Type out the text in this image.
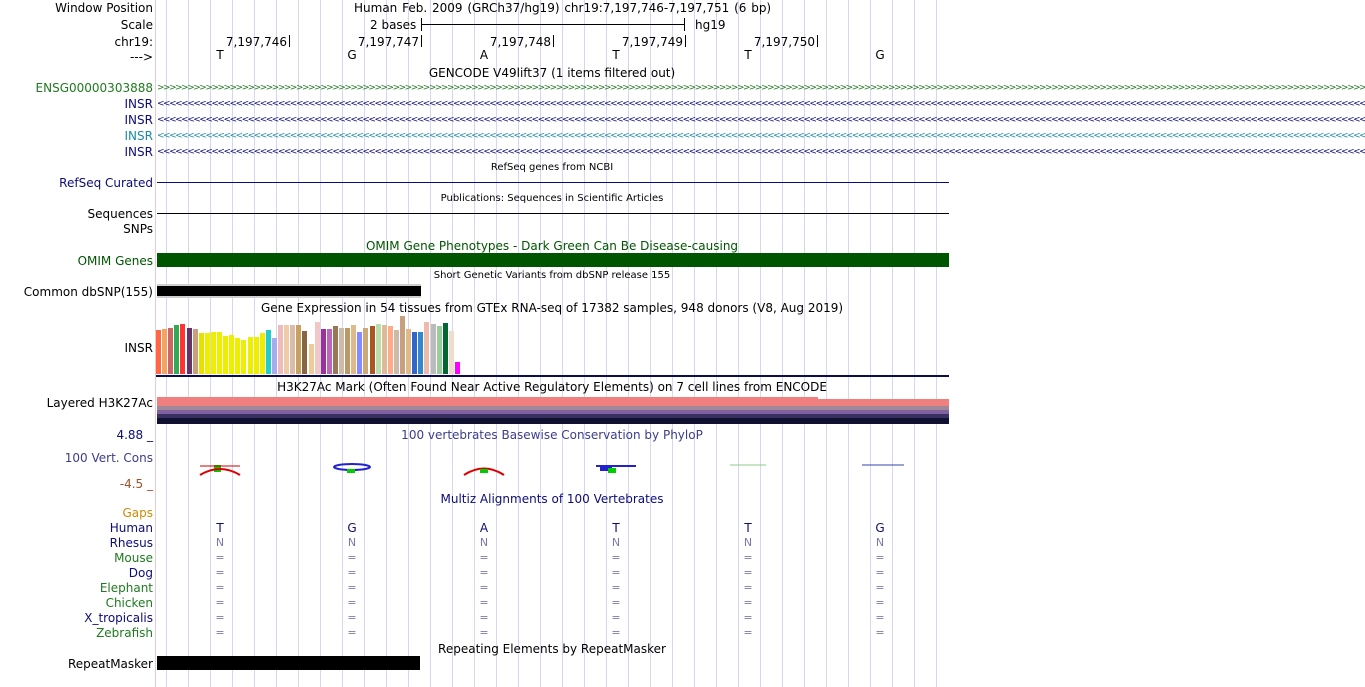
Window Position	Human Feb. 2009 (GRCh37/hg19) chr19:7,197,746-7,197,751 (6 bp)
Scale	2 bases	hg19
chr19:
--->
GENCODE V49lift37 (1 items filtered out)
RefSeq genes from NCBI
RefSeq Curated
Publications: Sequences in Scientific Articles
Sequences
SNPs
OMIM Gene Phenotypes - Dark Green Can Be Disease-causing
OMIM Genes
Short Genetic Variants from dbSNP release 155
Common dbSNP(155)
Gene Expression in 54 tissues from GTEx RNA-seq of 17382 samples, 948 donors (V8, Aug 2019)
INSR
H3K27Ac Mark (Often Found Near Active Regulatory Elements) on 7 cell lines from ENCODE
Layered H3K27Ac
4.88 _	100 vertebrates Basewise Conservation by PhyloP
100 Vert. Cons
-4.5 _
Multiz Alignments of 100 Vertebrates
Gaps
Repeating Elements by RepeatMasker
RepeatMasker
7,197,746	7,197,747	7,197,748	7,197,749	7,197,750
T	G	A	T	T	G
ENSG00000303888 >>>>>>>>>>>>>>>>>>>>>>>>>>>>>>>>>>>>>>>>>>>>>>>>>>>>>>>>>>>>>>>>>>>>>>>>>>>>>>>>>>>>>>>>>>>>>>>>>>>>>>>>>>>>>>>>>>>>>>>>>>>>>>>>>>>>>>>>>>>>>>>>>>>>>>>>>>>>>>>>>>>>>>>>>>>>>>>>>>>>>>>>>>>>>>>>>>>>>>>>
INSR <<<<<<<<<<<<<<<<<<<<<<<<<<<<<<<<<<<<<<<<<<<<<<<<<<<<<<<<<<<<<<<<<<<<<<<<<<<<<<<<<<<<<<<<<<<<<<<<<<<<<<<<<<<<<<<<<<<<<<<<<<<<<<<<<<<<<<<<<<<<<<<<<<<<<<<<<<<<<<<<<<<<<<<<<<<<<<<<<<<<<<<<<<<<<<<<<<<<<<<<
INSR <<<<<<<<<<<<<<<<<<<<<<<<<<<<<<<<<<<<<<<<<<<<<<<<<<<<<<<<<<<<<<<<<<<<<<<<<<<<<<<<<<<<<<<<<<<<<<<<<<<<<<<<<<<<<<<<<<<<<<<<<<<<<<<<<<<<<<<<<<<<<<<<<<<<<<<<<<<<<<<<<<<<<<<<<<<<<<<<<<<<<<<<<<<<<<<<<<<<<<<<
INSR <<<<<<<<<<<<<<<<<<<<<<<<<<<<<<<<<<<<<<<<<<<<<<<<<<<<<<<<<<<<<<<<<<<<<<<<<<<<<<<<<<<<<<<<<<<<<<<<<<<<<<<<<<<<<<<<<<<<<<<<<<<<<<<<<<<<<<<<<<<<<<<<<<<<<<<<<<<<<<<<<<<<<<<<<<<<<<<<<<<<<<<<<<<<<<<<<<<<<<<<
INSR <<<<<<<<<<<<<<<<<<<<<<<<<<<<<<<<<<<<<<<<<<<<<<<<<<<<<<<<<<<<<<<<<<<<<<<<<<<<<<<<<<<<<<<<<<<<<<<<<<<<<<<<<<<<<<<<<<<<<<<<<<<<<<<<<<<<<<<<<<<<<<<<<<<<<<<<<<<<<<<<<<<<<<<<<<<<<<<<<<<<<<<<<<<<<<<<<<<<<<<<
Human	T	G	A	T	T	G
Rhesus	N	N	N	N	N	N
Mouse	=	=	=	=	=	=
Dog	=	=	=	=	=	=
Elephant	=	=	=	=	=	=
Chicken	=	=	=	=	=	=
X_tropicalis	=	=	=	=	=	=
Zebrafish	=	=	=	=	=	=
